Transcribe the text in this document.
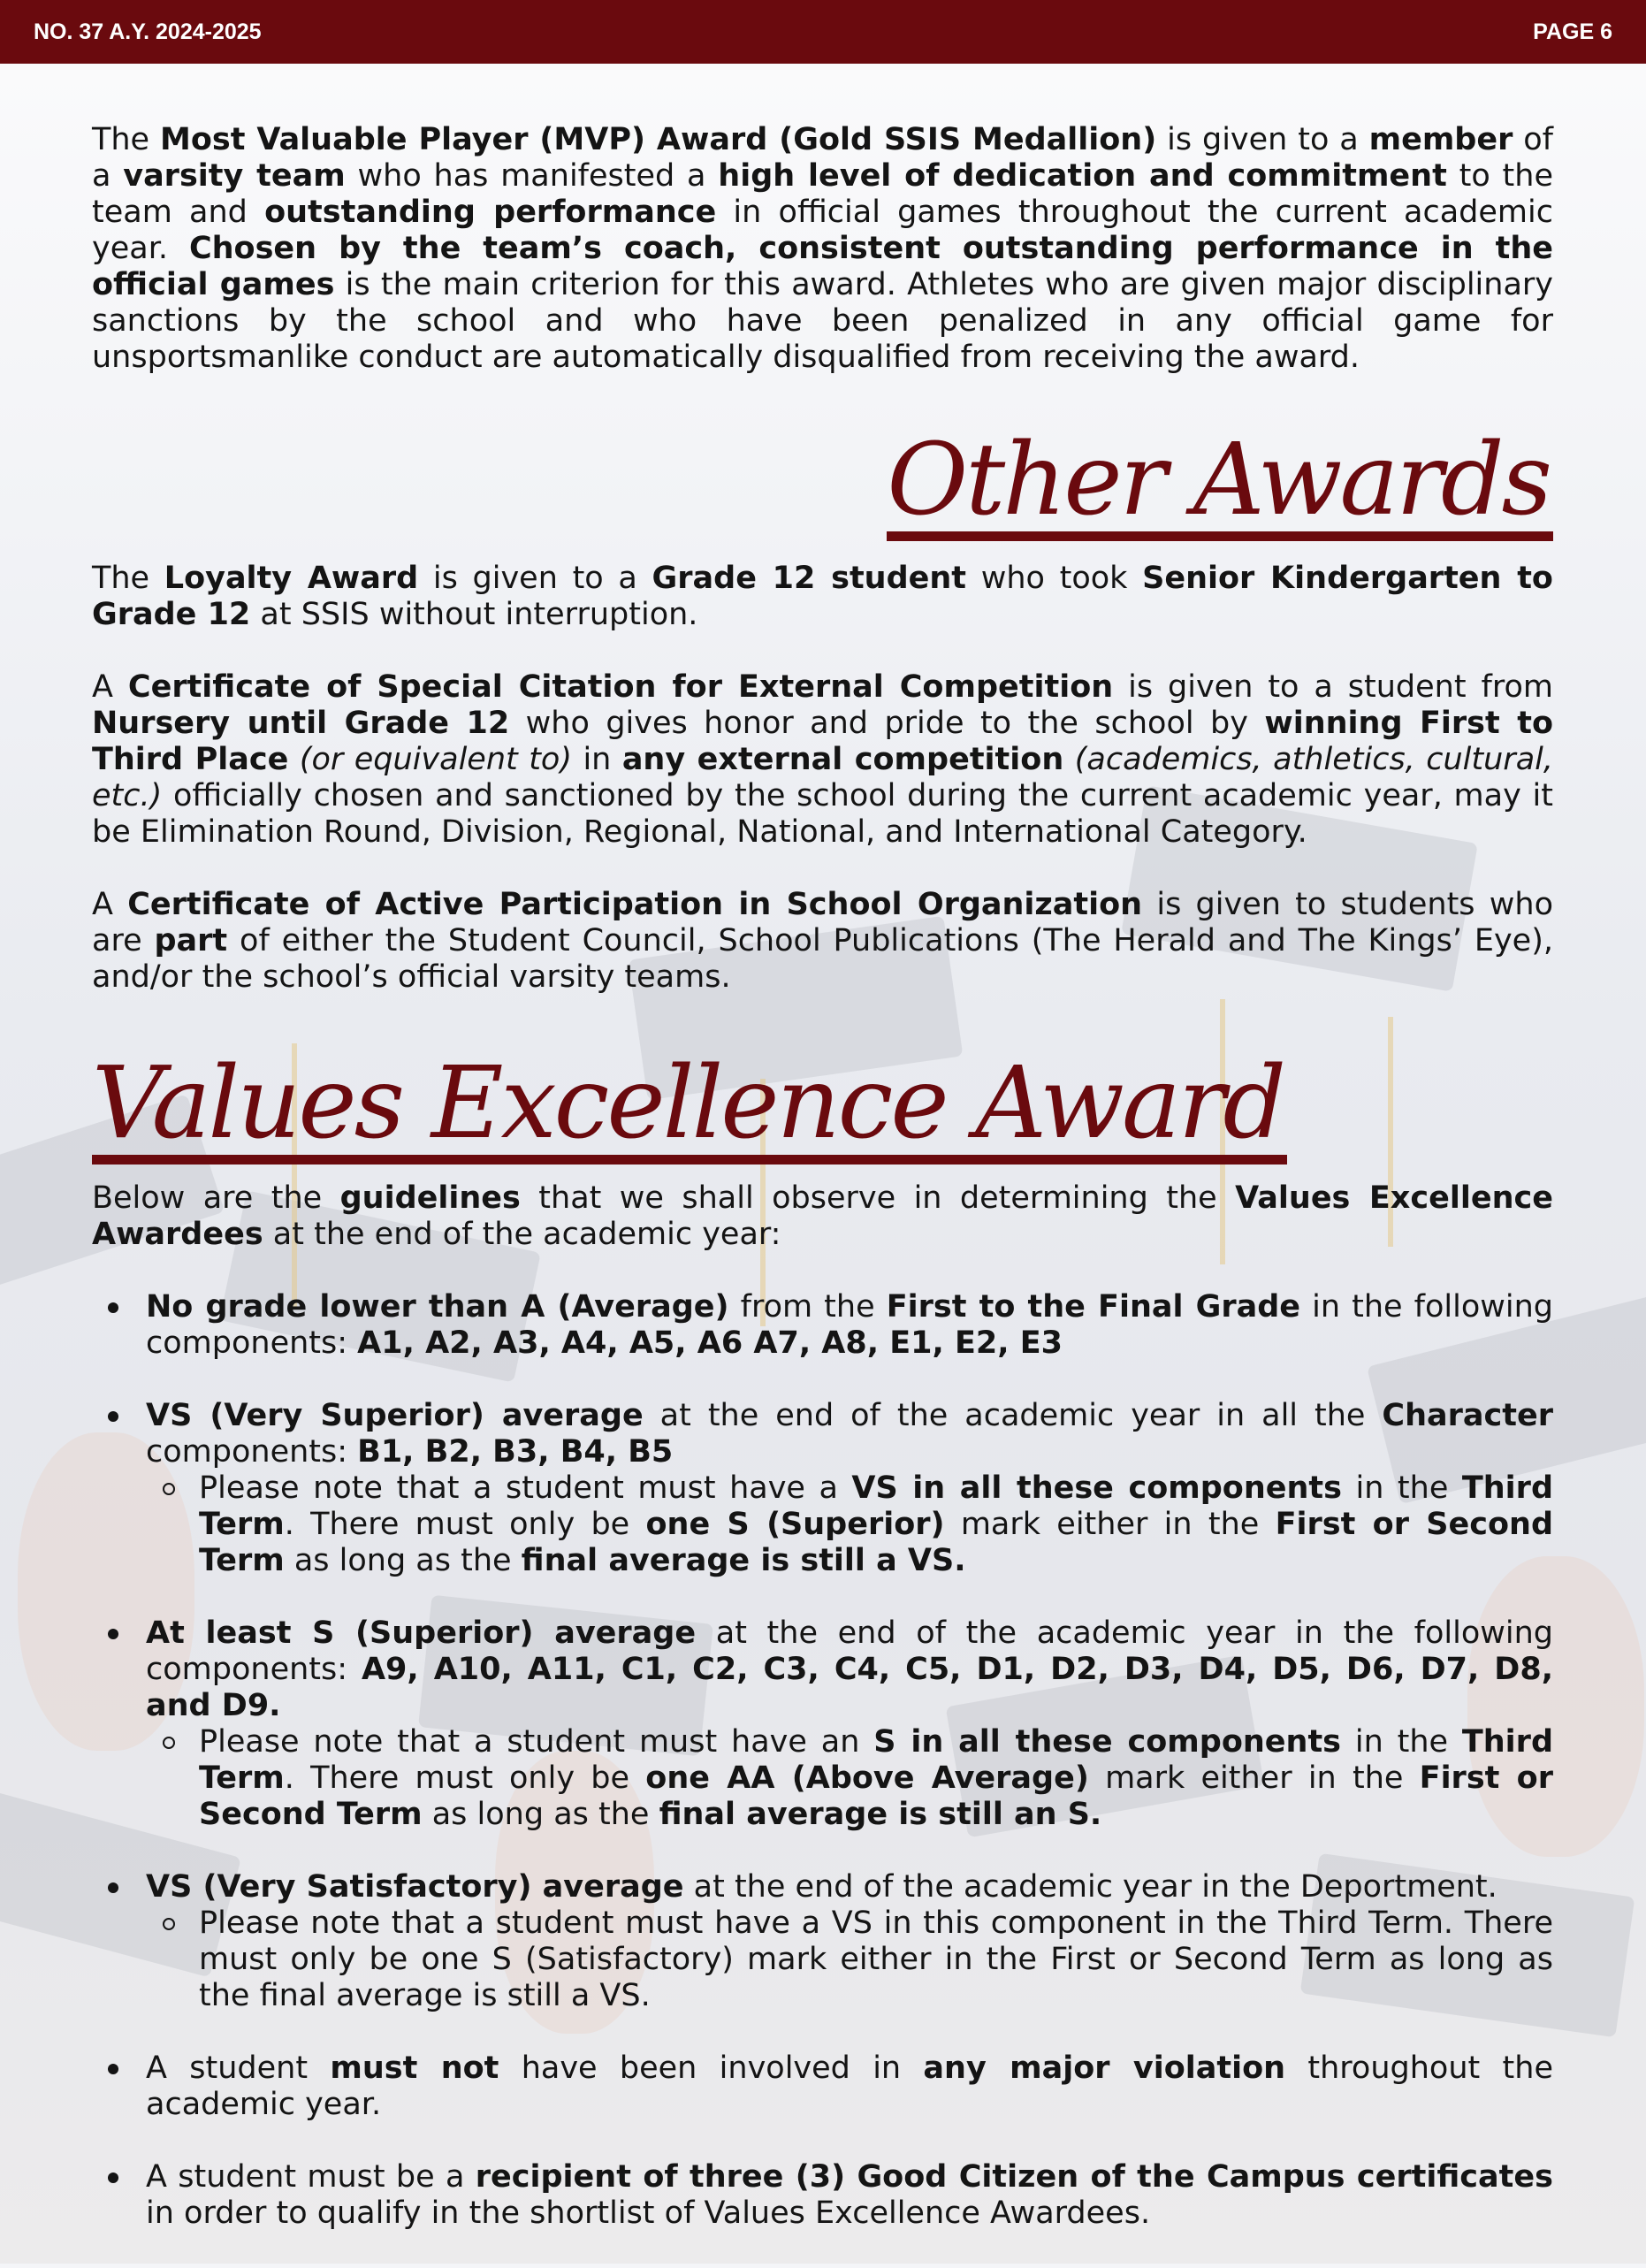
NO. 37 A.Y. 2024-2025	PAGE 6

The Most Valuable Player (MVP) Award (Gold SSIS Medallion) is given to a member of a varsity team who has manifested a high level of dedication and commitment to the team and outstanding performance in official games throughout the current academic year. Chosen by the team’s coach, consistent outstanding performance in the official games is the main criterion for this award. Athletes who are given major disciplinary sanctions by the school and who have been penalized in any official game for unsportsmanlike conduct are automatically disqualified from receiving the award.

Other Awards

The Loyalty Award is given to a Grade 12 student who took Senior Kindergarten to Grade 12 at SSIS without interruption.

A Certificate of Special Citation for External Competition is given to a student from Nursery until Grade 12 who gives honor and pride to the school by winning First to Third Place (or equivalent to) in any external competition (academics, athletics, cultural, etc.) officially chosen and sanctioned by the school during the current academic year, may it be Elimination Round, Division, Regional, National, and International Category.

A Certificate of Active Participation in School Organization is given to students who are part of either the Student Council, School Publications (The Herald and The Kings’ Eye), and/or the school’s official varsity teams.

Values Excellence Award

Below are the guidelines that we shall observe in determining the Values Excellence Awardees at the end of the academic year:

No grade lower than A (Average) from the First to the Final Grade in the following components: A1, A2, A3, A4, A5, A6 A7, A8, E1, E2, E3
VS (Very Superior) average at the end of the academic year in all the Character components: B1, B2, B3, B4, B5
Please note that a student must have a VS in all these components in the Third Term. There must only be one S (Superior) mark either in the First or Second Term as long as the final average is still a VS.
At least S (Superior) average at the end of the academic year in the following components: A9, A10, A11, C1, C2, C3, C4, C5, D1, D2, D3, D4, D5, D6, D7, D8, and D9.
Please note that a student must have an S in all these components in the Third Term. There must only be one AA (Above Average) mark either in the First or Second Term as long as the final average is still an S.
VS (Very Satisfactory) average at the end of the academic year in the Deportment.
Please note that a student must have a VS in this component in the Third Term. There must only be one S (Satisfactory) mark either in the First or Second Term as long as the final average is still a VS.
A student must not have been involved in any major violation throughout the academic year.
A student must be a recipient of three (3) Good Citizen of the Campus certificates in order to qualify in the shortlist of Values Excellence Awardees.
